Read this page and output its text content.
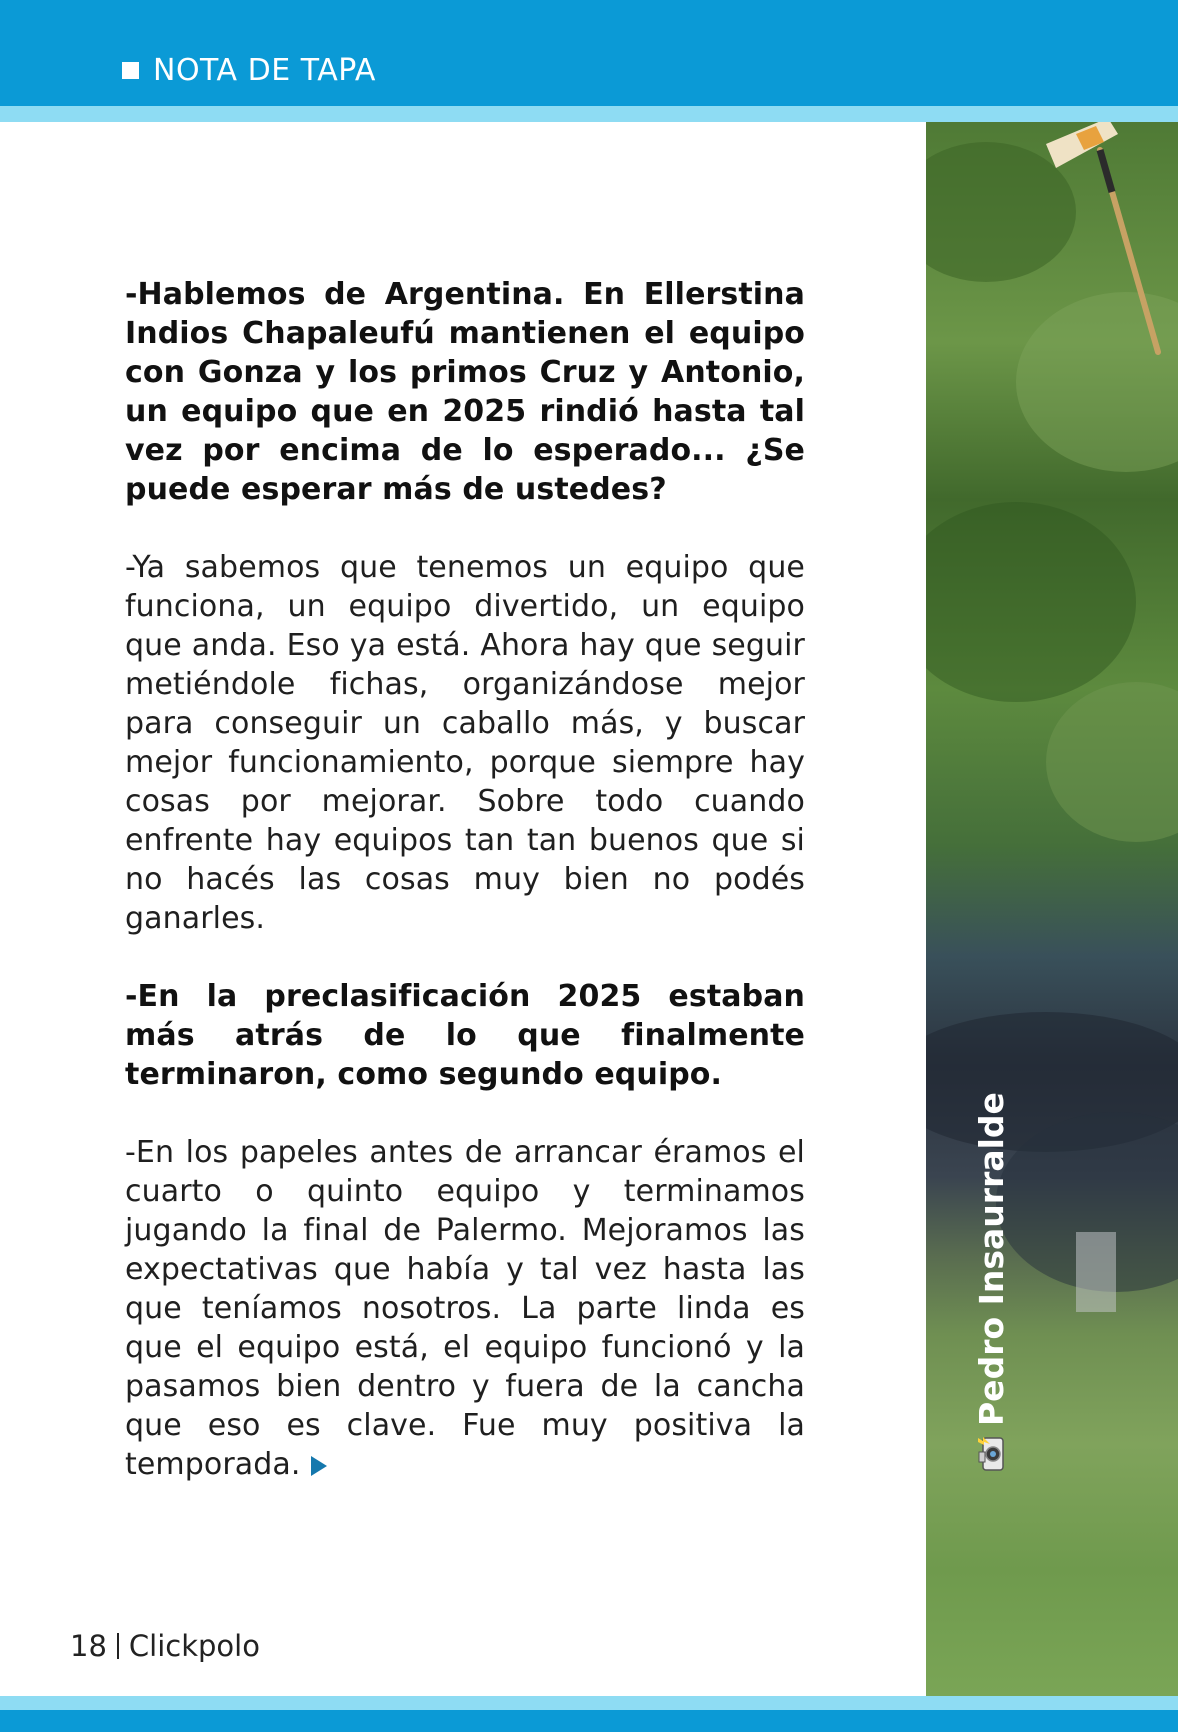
NOTA DE TAPA

-Hablemos de Argentina. En Ellerstina Indios Chapaleufú mantienen el equipo con Gonza y los primos Cruz y Antonio, un equipo que en 2025 rindió hasta tal vez por encima de lo esperado... ¿Se puede esperar más de ustedes?

-Ya sabemos que tenemos un equipo que funciona, un equipo divertido, un equipo que anda. Eso ya está. Ahora hay que seguir metiéndole fichas, organizándose mejor para conseguir un caballo más, y buscar mejor funcionamiento, porque siempre hay cosas por mejorar. Sobre todo cuando enfrente hay equipos tan tan buenos que si no hacés las cosas muy bien no podés ganarles.

-En la preclasificación 2025 estaban más atrás de lo que finalmente terminaron, como segundo equipo.

-En los papeles antes de arrancar éramos el cuarto o quinto equipo y terminamos jugando la final de Palermo. Mejoramos las expectativas que había y tal vez hasta las que teníamos nosotros. La parte linda es que el equipo está, el equipo funcionó y la pasamos bien dentro y fuera de la cancha que eso es clave. Fue muy positiva la temporada.

Pedro Insaurralde
18 Clickpolo
